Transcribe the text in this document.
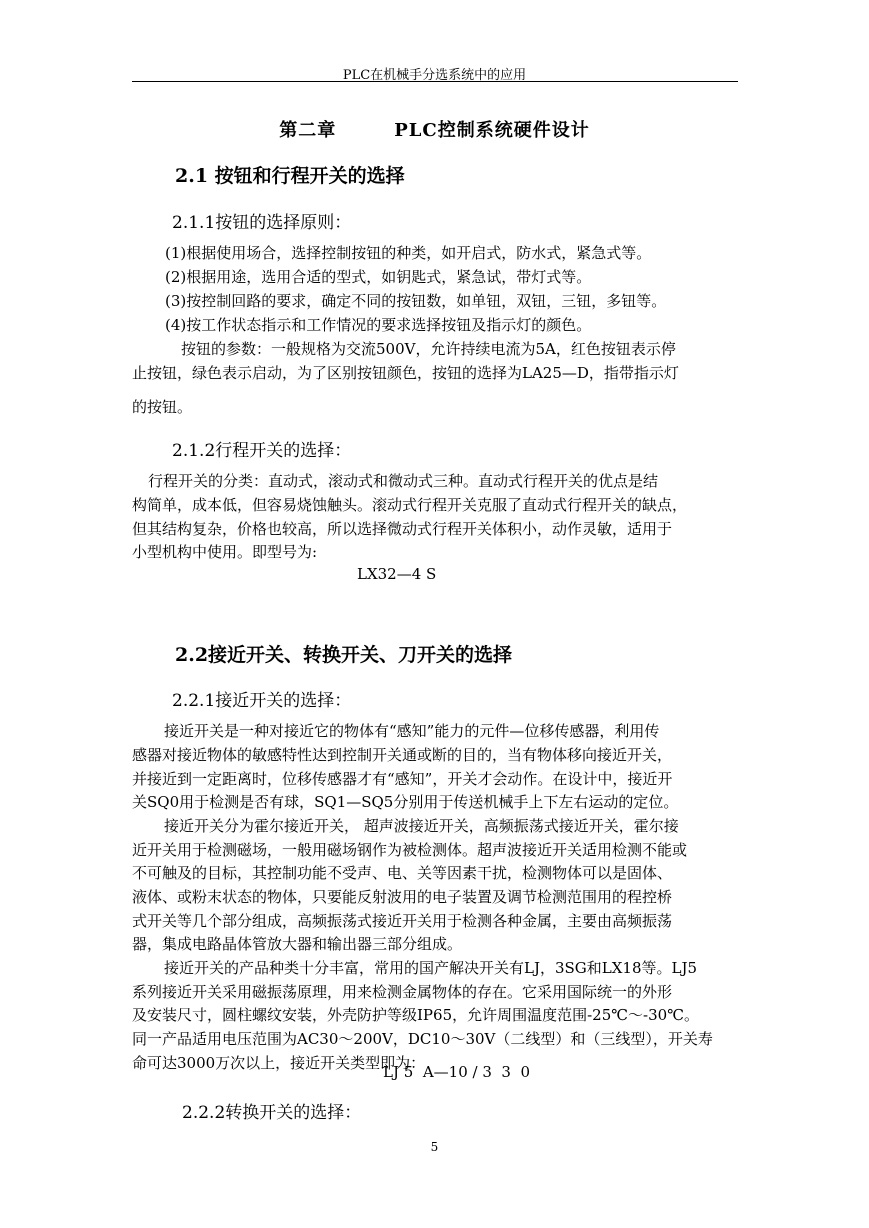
PLC在机械手分选系统中的应用
第二章	PLC控制系统硬件设计
2.1 按钮和行程开关的选择
2.1.1按钮的选择原则：
(1)根据使用场合，选择控制按钮的种类，如开启式，防水式，紧急式等。
(2)根据用途，选用合适的型式，如钥匙式，紧急试，带灯式等。
(3)按控制回路的要求，确定不同的按钮数，如单钮，双钮，三钮，多钮等。
(4)按工作状态指示和工作情况的要求选择按钮及指示灯的颜色。
按钮的参数：一般规格为交流500V，允许持续电流为5A，红色按钮表示停
止按钮，绿色表示启动，为了区别按钮颜色，按钮的选择为LA25—D，指带指示灯
的按钮。
2.1.2行程开关的选择：
行程开关的分类：直动式，滚动式和微动式三种。直动式行程开关的优点是结
构简单，成本低，但容易烧蚀触头。滚动式行程开关克服了直动式行程开关的缺点，
但其结构复杂，价格也较高，所以选择微动式行程开关体积小，动作灵敏，适用于
小型机构中使用。即型号为:
LX32—4 S
2.2接近开关、转换开关、刀开关的选择
2.2.1接近开关的选择：
接近开关是一种对接近它的物体有“感知”能力的元件—位移传感器，利用传
感器对接近物体的敏感特性达到控制开关通或断的目的，当有物体移向接近开关，
并接近到一定距离时，位移传感器才有“感知”，开关才会动作。在设计中，接近开
关SQ0用于检测是否有球，SQ1—SQ5分别用于传送机械手上下左右运动的定位。
接近开关分为霍尔接近开关， 超声波接近开关，高频振荡式接近开关，霍尔接
近开关用于检测磁场，一般用磁场钢作为被检测体。超声波接近开关适用检测不能或
不可触及的目标，其控制功能不受声、电、关等因素干扰，检测物体可以是固体、
液体、或粉末状态的物体，只要能反射波用的电子装置及调节检测范围用的程控桥
式开关等几个部分组成，高频振荡式接近开关用于检测各种金属，主要由高频振荡
器，集成电路晶体管放大器和输出器三部分组成。
接近开关的产品种类十分丰富，常用的国产解决开关有LJ，3SG和LX18等。LJ5
系列接近开关采用磁振荡原理，用来检测金属物体的存在。它采用国际统一的外形
及安装尺寸，圆柱螺纹安装，外壳防护等级IP65，允许周围温度范围-25℃～-30℃。
同一产品适用电压范围为AC30～200V，DC10～30V（二线型）和（三线型），开关寿
命可达3000万次以上，接近开关类型即为：
LJ 5  A—10 / 3  3  0
2.2.2转换开关的选择：
5
